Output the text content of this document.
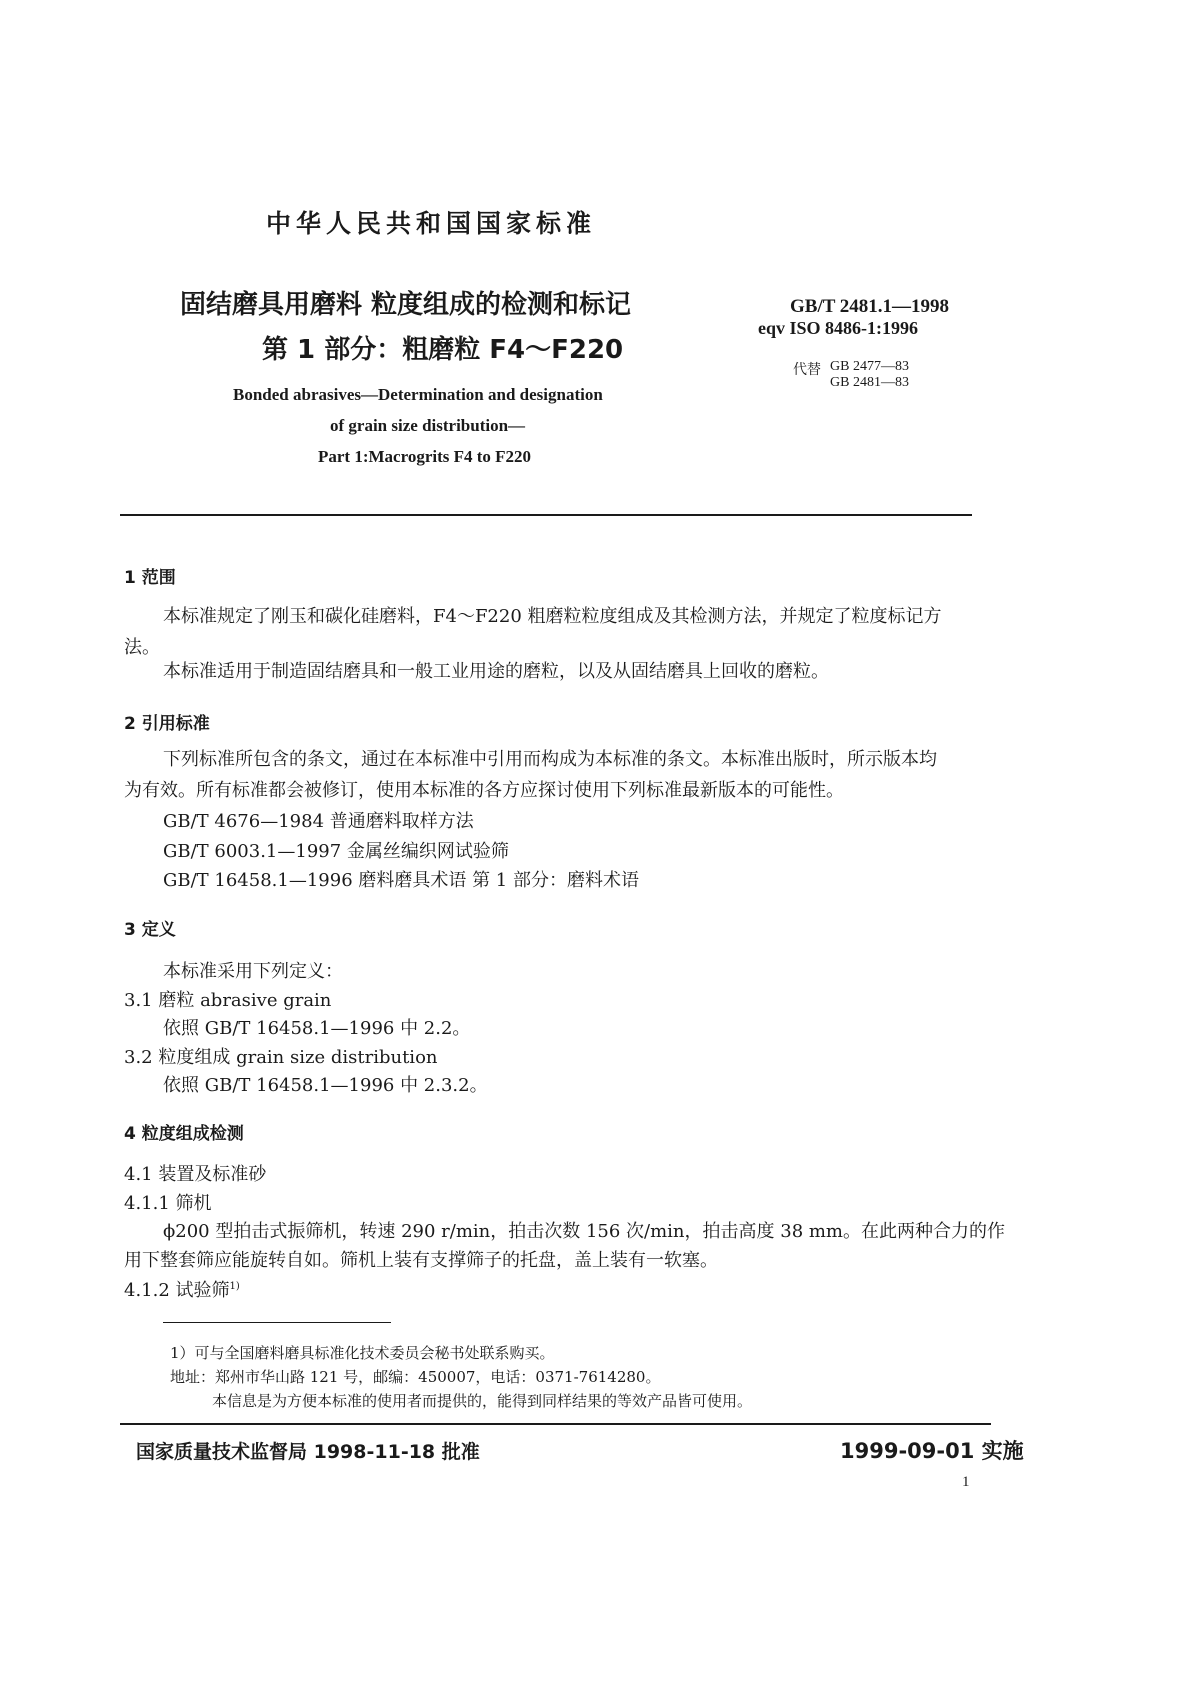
中华人民共和国国家标准
固结磨具用磨料 粒度组成的检测和标记
第 1 部分：粗磨粒 F4～F220
Bonded abrasives—Determination and designation
of grain size distribution—
Part 1:Macrogrits F4 to F220
GB/T 2481.1—1998
eqv ISO 8486-1:1996
代替 GB 2477—83
GB 2481—83
1 范围
本标准规定了刚玉和碳化硅磨料，F4～F220 粗磨粒粒度组成及其检测方法，并规定了粒度标记方
法。
本标准适用于制造固结磨具和一般工业用途的磨粒，以及从固结磨具上回收的磨粒。
2 引用标准
下列标准所包含的条文，通过在本标准中引用而构成为本标准的条文。本标准出版时，所示版本均
为有效。所有标准都会被修订，使用本标准的各方应探讨使用下列标准最新版本的可能性。
GB/T 4676—1984 普通磨料取样方法
GB/T 6003.1—1997 金属丝编织网试验筛
GB/T 16458.1—1996 磨料磨具术语 第 1 部分：磨料术语
3 定义
本标准采用下列定义：
3.1 磨粒 abrasive grain
依照 GB/T 16458.1—1996 中 2.2。
3.2 粒度组成 grain size distribution
依照 GB/T 16458.1—1996 中 2.3.2。
4 粒度组成检测
4.1 装置及标准砂
4.1.1 筛机
ϕ200 型拍击式振筛机，转速 290 r/min，拍击次数 156 次/min，拍击高度 38 mm。在此两种合力的作
用下整套筛应能旋转自如。筛机上装有支撑筛子的托盘，盖上装有一软塞。
4.1.2 试验筛$^{1)}$
1）可与全国磨料磨具标准化技术委员会秘书处联系购买。
地址：郑州市华山路 121 号，邮编：450007，电话：0371-7614280。
本信息是为方便本标准的使用者而提供的，能得到同样结果的等效产品皆可使用。
国家质量技术监督局 1998-11-18 批准	1999-09-01 实施
1
